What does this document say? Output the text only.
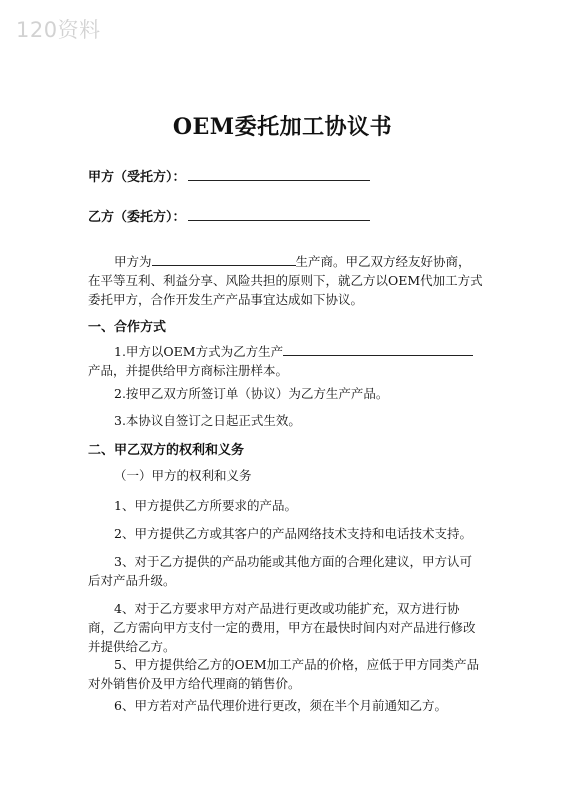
120资料
OEM委托加工协议书
甲方（受托方）：
乙方（委托方）：
甲方为	生产商。甲乙双方经友好协商，在平等互利、利益分享、风险共担的原则下，就乙方以OEM代加工方式委托甲方，合作开发生产产品事宜达成如下协议。
一、合作方式
1.甲方以OEM方式为乙方生产产品，并提供给甲方商标注册样本。
2.按甲乙双方所签订单（协议）为乙方生产产品。
3.本协议自签订之日起正式生效。
二、甲乙双方的权利和义务
（一）甲方的权利和义务
1、甲方提供乙方所要求的产品。
2、甲方提供乙方或其客户的产品网络技术支持和电话技术支持。
3、对于乙方提供的产品功能或其他方面的合理化建议，甲方认可后对产品升级。
4、对于乙方要求甲方对产品进行更改或功能扩充，双方进行协商，乙方需向甲方支付一定的费用，甲方在最快时间内对产品进行修改并提供给乙方。
5、甲方提供给乙方的OEM加工产品的价格，应低于甲方同类产品对外销售价及甲方给代理商的销售价。
6、甲方若对产品代理价进行更改，须在半个月前通知乙方。
